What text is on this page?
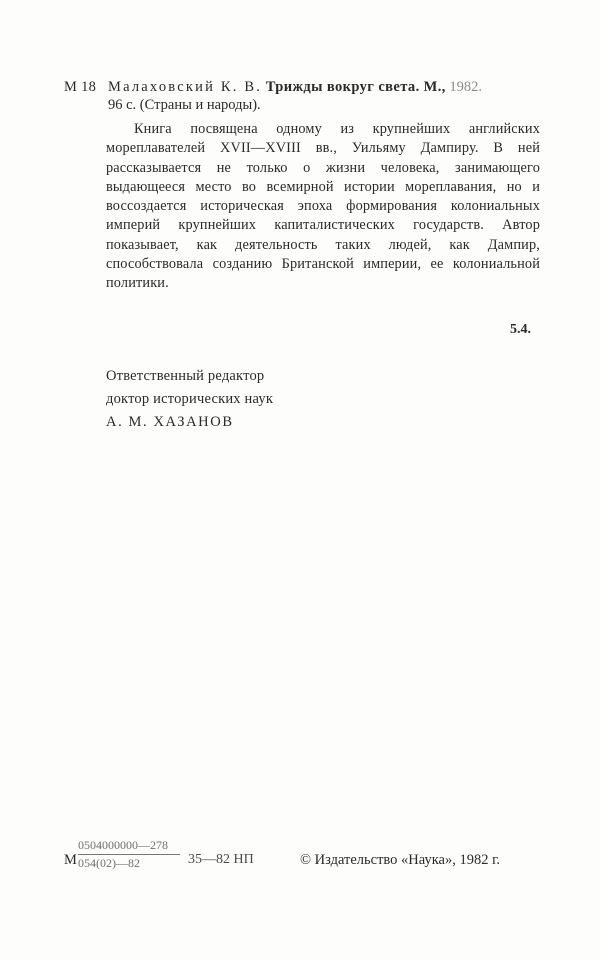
М 18 Малаховский К. В. Трижды вокруг света. М., 1982.
96 с. (Страны и народы).
Книга посвящена одному из крупнейших английских мореплавателей XVII—XVIII вв., Уильяму Дампиру. В ней рассказывается не только о жизни человека, занимающего выдающееся место во всемирной истории мореплавания, но и воссоздается историческая эпоха формирования колониальных империй крупнейших капиталистических государств. Автор показывает, как деятельность таких людей, как Дампир, способствовала созданию Британской империи, ее колониальной политики.
5.4.
Ответственный редактор
доктор исторических наук
А. М. ХАЗАНОВ
М $\frac{0504000000—278}{054(02)—82}$ 35—82 НП	© Издательство «Наука», 1982 г.
